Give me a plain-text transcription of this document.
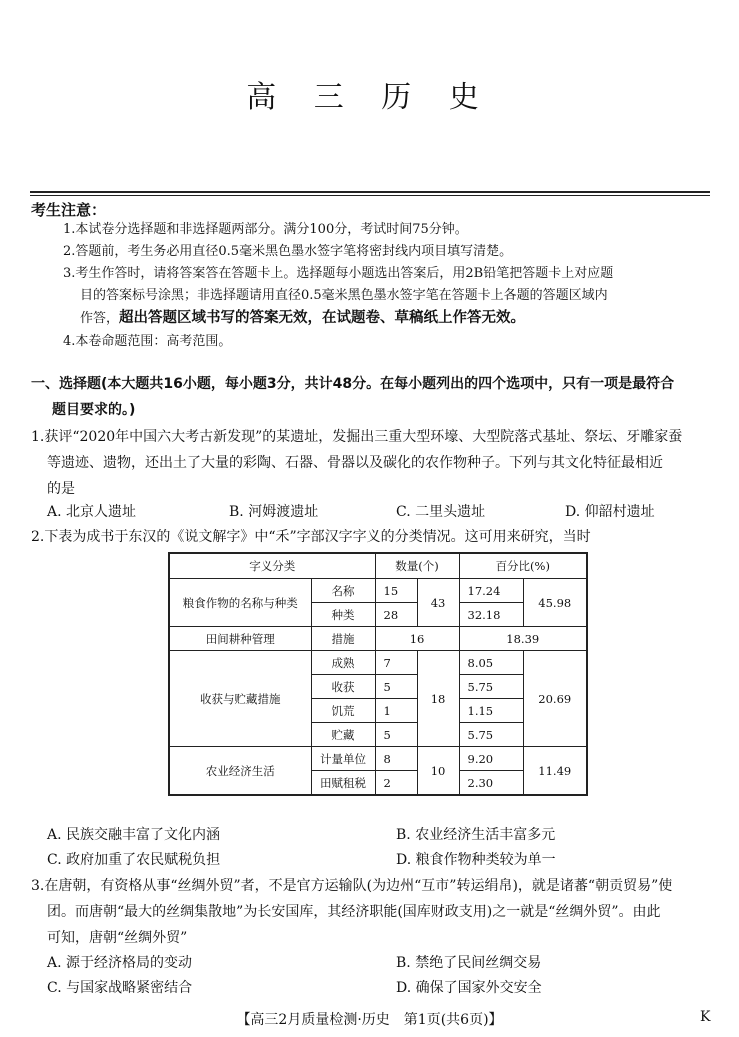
高 三 历 史
考生注意：
1.本试卷分选择题和非选择题两部分。满分100分，考试时间75分钟。
2.答题前，考生务必用直径0.5毫米黑色墨水签字笔将密封线内项目填写清楚。
3.考生作答时，请将答案答在答题卡上。选择题每小题选出答案后，用2B铅笔把答题卡上对应题
目的答案标号涂黑；非选择题请用直径0.5毫米黑色墨水签字笔在答题卡上各题的答题区域内
作答，超出答题区域书写的答案无效，在试题卷、草稿纸上作答无效。
4.本卷命题范围：高考范围。
一、选择题(本大题共16小题，每小题3分，共计48分。在每小题列出的四个选项中，只有一项是最符合
题目要求的。)
1.获评“2020年中国六大考古新发现”的某遗址，发掘出三重大型环壕、大型院落式基址、祭坛、牙雕家蚕
等遗迹、遗物，还出土了大量的彩陶、石器、骨器以及碳化的农作物种子。下列与其文化特征最相近
的是
A. 北京人遗址	B. 河姆渡遗址	C. 二里头遗址	D. 仰韶村遗址
2.下表为成书于东汉的《说文解字》中“禾”字部汉字字义的分类情况。这可用来研究，当时
字义分类		数量(个)		百分比(%)	
粮食作物的名称与种类	名称	15	43	17.24	45.98
	种类	28		32.18	
田间耕种管理	措施	16		18.39	
收获与贮藏措施	成熟	7	18	8.05	20.69
	收获	5		5.75	
	饥荒	1		1.15	
	贮藏	5		5.75	
农业经济生活	计量单位	8	10	9.20	11.49
	田赋租税	2		2.30	
A. 民族交融丰富了文化内涵	B. 农业经济生活丰富多元
C. 政府加重了农民赋税负担	D. 粮食作物种类较为单一
3.在唐朝，有资格从事“丝绸外贸”者，不是官方运输队(为边州“互市”转运绢帛)，就是诸蕃“朝贡贸易”使
团。而唐朝“最大的丝绸集散地”为长安国库，其经济职能(国库财政支用)之一就是“丝绸外贸”。由此
可知，唐朝“丝绸外贸”
A. 源于经济格局的变动	B. 禁绝了民间丝绸交易
C. 与国家战略紧密结合	D. 确保了国家外交安全
【高三2月质量检测·历史　第1页(共6页)】	K
